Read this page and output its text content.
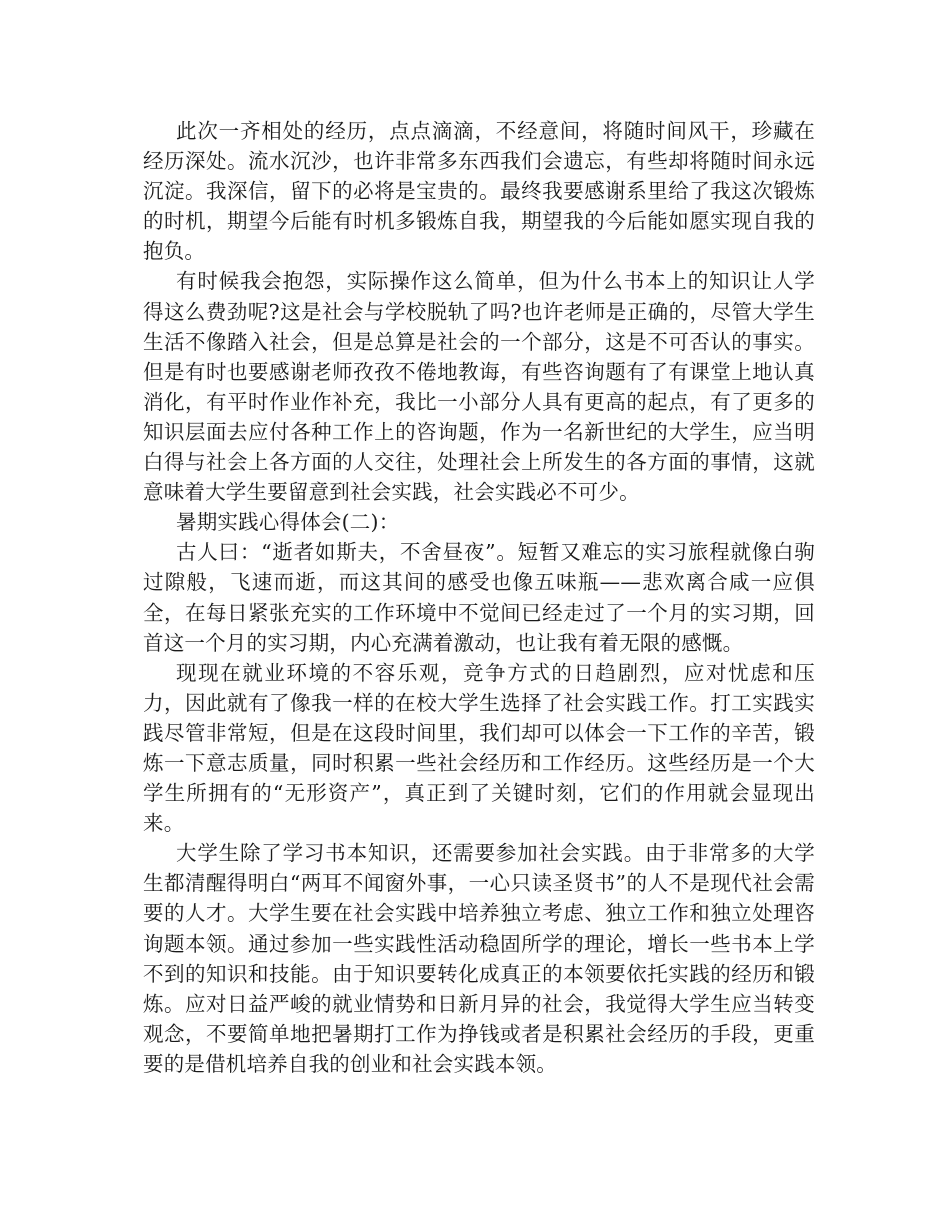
此次一齐相处的经历，点点滴滴，不经意间，将随时间风干，珍藏在经历深处。流水沉沙，也许非常多东西我们会遗忘，有些却将随时间永远沉淀。我深信，留下的必将是宝贵的。最终我要感谢系里给了我这次锻炼的时机，期望今后能有时机多锻炼自我，期望我的今后能如愿实现自我的抱负。

有时候我会抱怨，实际操作这么简单，但为什么书本上的知识让人学得这么费劲呢?这是社会与学校脱轨了吗?也许老师是正确的，尽管大学生生活不像踏入社会，但是总算是社会的一个部分，这是不可否认的事实。但是有时也要感谢老师孜孜不倦地教诲，有些咨询题有了有课堂上地认真消化，有平时作业作补充，我比一小部分人具有更高的起点，有了更多的知识层面去应付各种工作上的咨询题，作为一名新世纪的大学生，应当明白得与社会上各方面的人交往，处理社会上所发生的各方面的事情，这就意味着大学生要留意到社会实践，社会实践必不可少。

暑期实践心得体会(二)：

古人曰：“逝者如斯夫，不舍昼夜”。短暂又难忘的实习旅程就像白驹过隙般，飞速而逝，而这其间的感受也像五味瓶——悲欢离合咸一应俱全，在每日紧张充实的工作环境中不觉间已经走过了一个月的实习期，回首这一个月的实习期，内心充满着激动，也让我有着无限的感慨。

现现在就业环境的不容乐观，竞争方式的日趋剧烈，应对忧虑和压力，因此就有了像我一样的在校大学生选择了社会实践工作。打工实践实践尽管非常短，但是在这段时间里，我们却可以体会一下工作的辛苦，锻炼一下意志质量，同时积累一些社会经历和工作经历。这些经历是一个大学生所拥有的“无形资产”，真正到了关键时刻，它们的作用就会显现出来。

大学生除了学习书本知识，还需要参加社会实践。由于非常多的大学生都清醒得明白“两耳不闻窗外事，一心只读圣贤书”的人不是现代社会需要的人才。大学生要在社会实践中培养独立考虑、独立工作和独立处理咨询题本领。通过参加一些实践性活动稳固所学的理论，增长一些书本上学不到的知识和技能。由于知识要转化成真正的本领要依托实践的经历和锻炼。应对日益严峻的就业情势和日新月异的社会，我觉得大学生应当转变观念，不要简单地把暑期打工作为挣钱或者是积累社会经历的手段，更重要的是借机培养自我的创业和社会实践本领。
